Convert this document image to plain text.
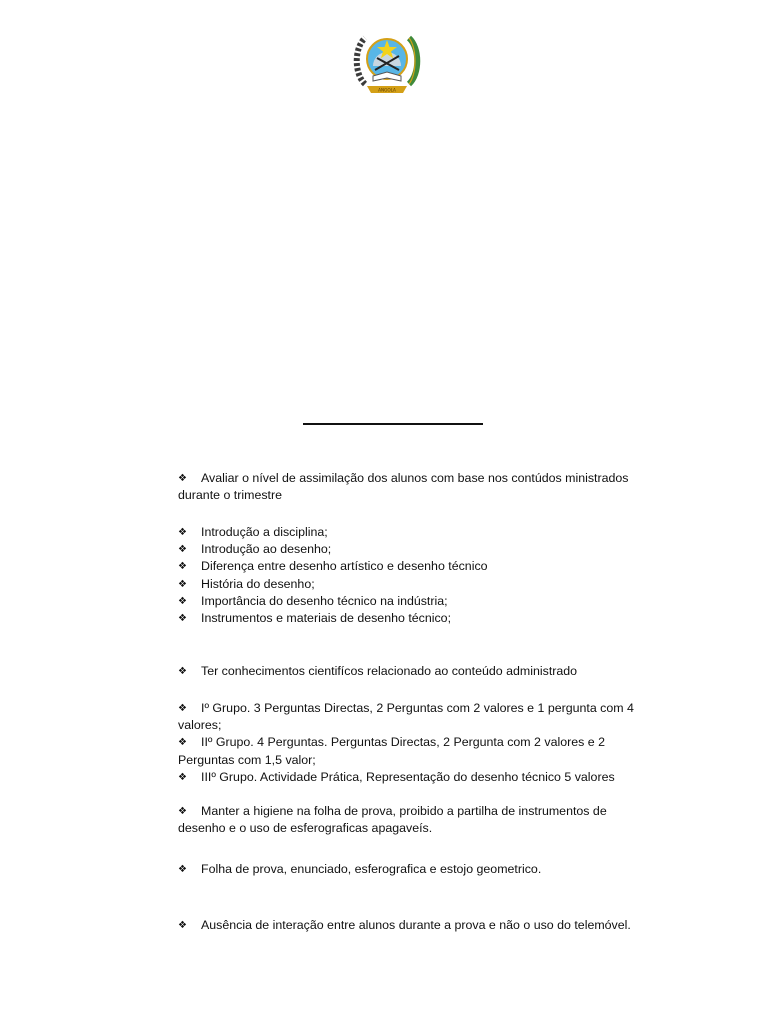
ANGOLA

❖	Avaliar o nível de assimilação dos alunos com base nos contúdos ministrados

durante o trimestre

❖	Introdução a disciplina;

❖	Introdução ao desenho;

❖	Diferença entre desenho artístico e desenho técnico

❖	História do desenho;

❖	Importância do desenho técnico na indústria;

❖	Instrumentos e materiais de desenho técnico;

❖	Ter conhecimentos cientifícos relacionado ao conteúdo administrado

❖	Iº Grupo. 3 Perguntas Directas, 2 Perguntas com 2 valores e 1 pergunta com 4

valores;

❖	IIº Grupo. 4 Perguntas. Perguntas Directas, 2 Pergunta com 2 valores e 2

Perguntas com 1,5 valor;

❖	IIIº Grupo. Actividade Prática, Representação do desenho técnico 5 valores

❖	Manter a higiene na folha de prova, proibido a partilha de instrumentos de

desenho e o uso de esferograficas apagaveís.

❖	Folha de prova, enunciado, esferografica e estojo geometrico.

❖	Ausência de interação entre alunos durante a prova e não o uso do telemóvel.
